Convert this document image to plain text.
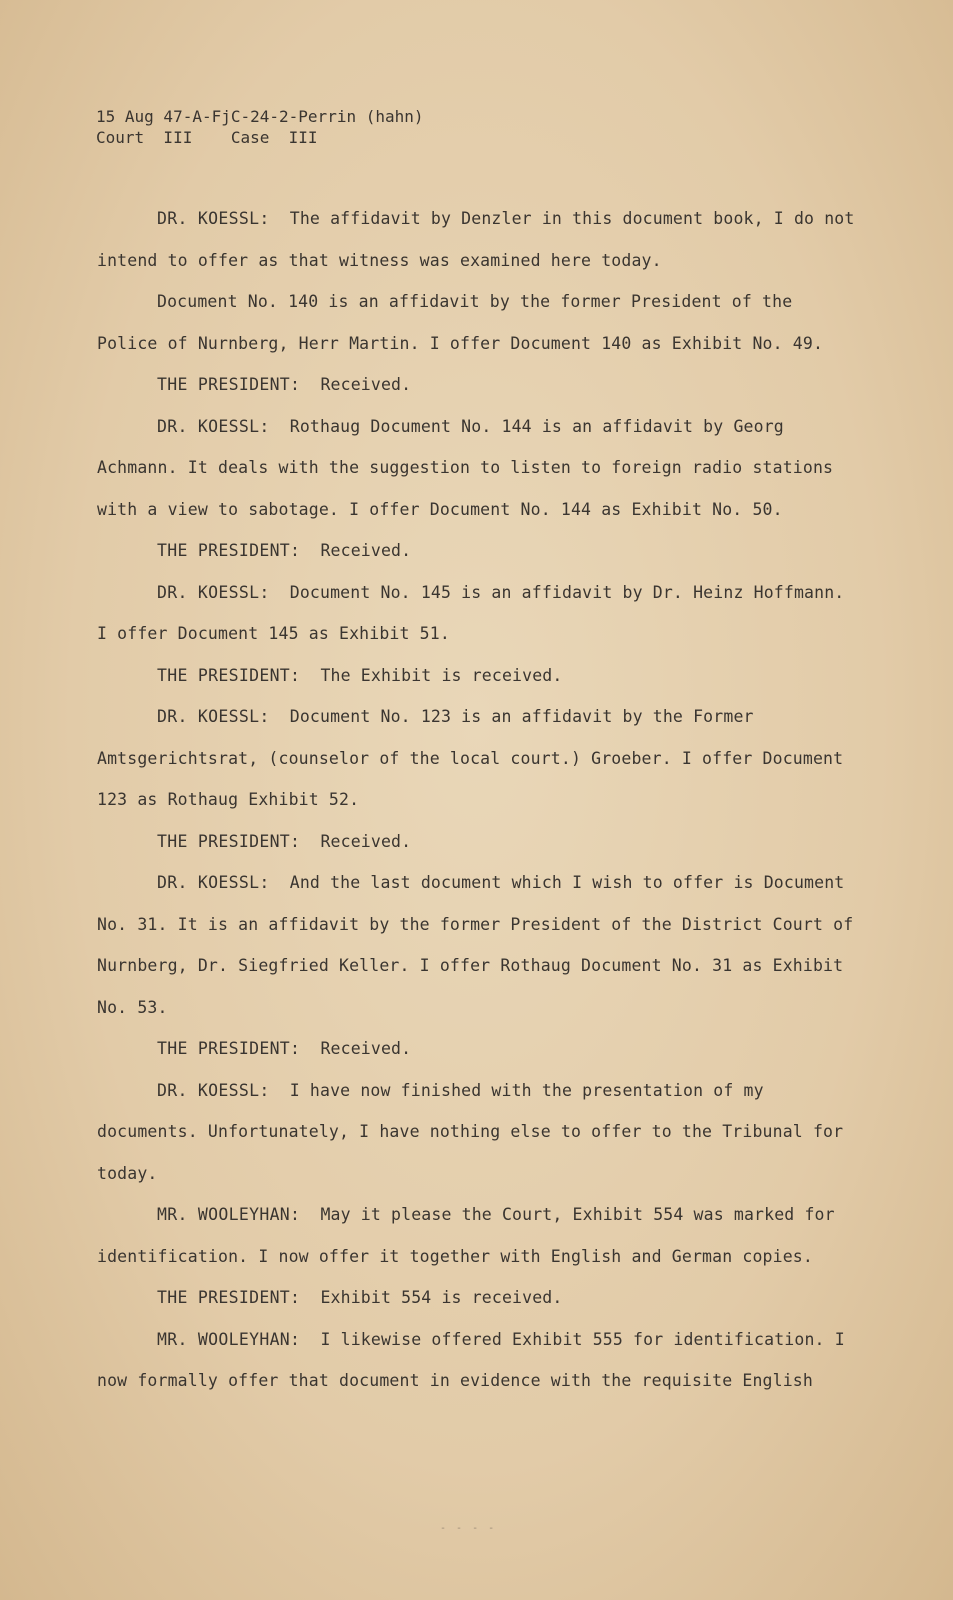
15 Aug 47-A-FjC-24-2-Perrin (hahn)
Court  III    Case  III

DR. KOESSL: The affidavit by Denzler in this document book, I do not intend to offer as that witness was examined here today.

Document No. 140 is an affidavit by the former President of the Police of Nurnberg, Herr Martin. I offer Document 140 as Exhibit No. 49.

THE PRESIDENT: Received.

DR. KOESSL: Rothaug Document No. 144 is an affidavit by Georg Achmann. It deals with the suggestion to listen to foreign radio stations with a view to sabotage. I offer Document No. 144 as Exhibit No. 50.

THE PRESIDENT: Received.

DR. KOESSL: Document No. 145 is an affidavit by Dr. Heinz Hoffmann. I offer Document 145 as Exhibit 51.

THE PRESIDENT: The Exhibit is received.

DR. KOESSL: Document No. 123 is an affidavit by the Former Amtsgerichtsrat, (counselor of the local court.) Groeber. I offer Document 123 as Rothaug Exhibit 52.

THE PRESIDENT: Received.

DR. KOESSL: And the last document which I wish to offer is Document No. 31. It is an affidavit by the former President of the District Court of Nurnberg, Dr. Siegfried Keller. I offer Rothaug Document No. 31 as Exhibit No. 53.

THE PRESIDENT: Received.

DR. KOESSL: I have now finished with the presentation of my documents. Unfortunately, I have nothing else to offer to the Tribunal for today.

MR. WOOLEYHAN: May it please the Court, Exhibit 554 was marked for identification. I now offer it together with English and German copies.

THE PRESIDENT: Exhibit 554 is received.

MR. WOOLEYHAN: I likewise offered Exhibit 555 for identification. I now formally offer that document in evidence with the requisite English

- - - -
